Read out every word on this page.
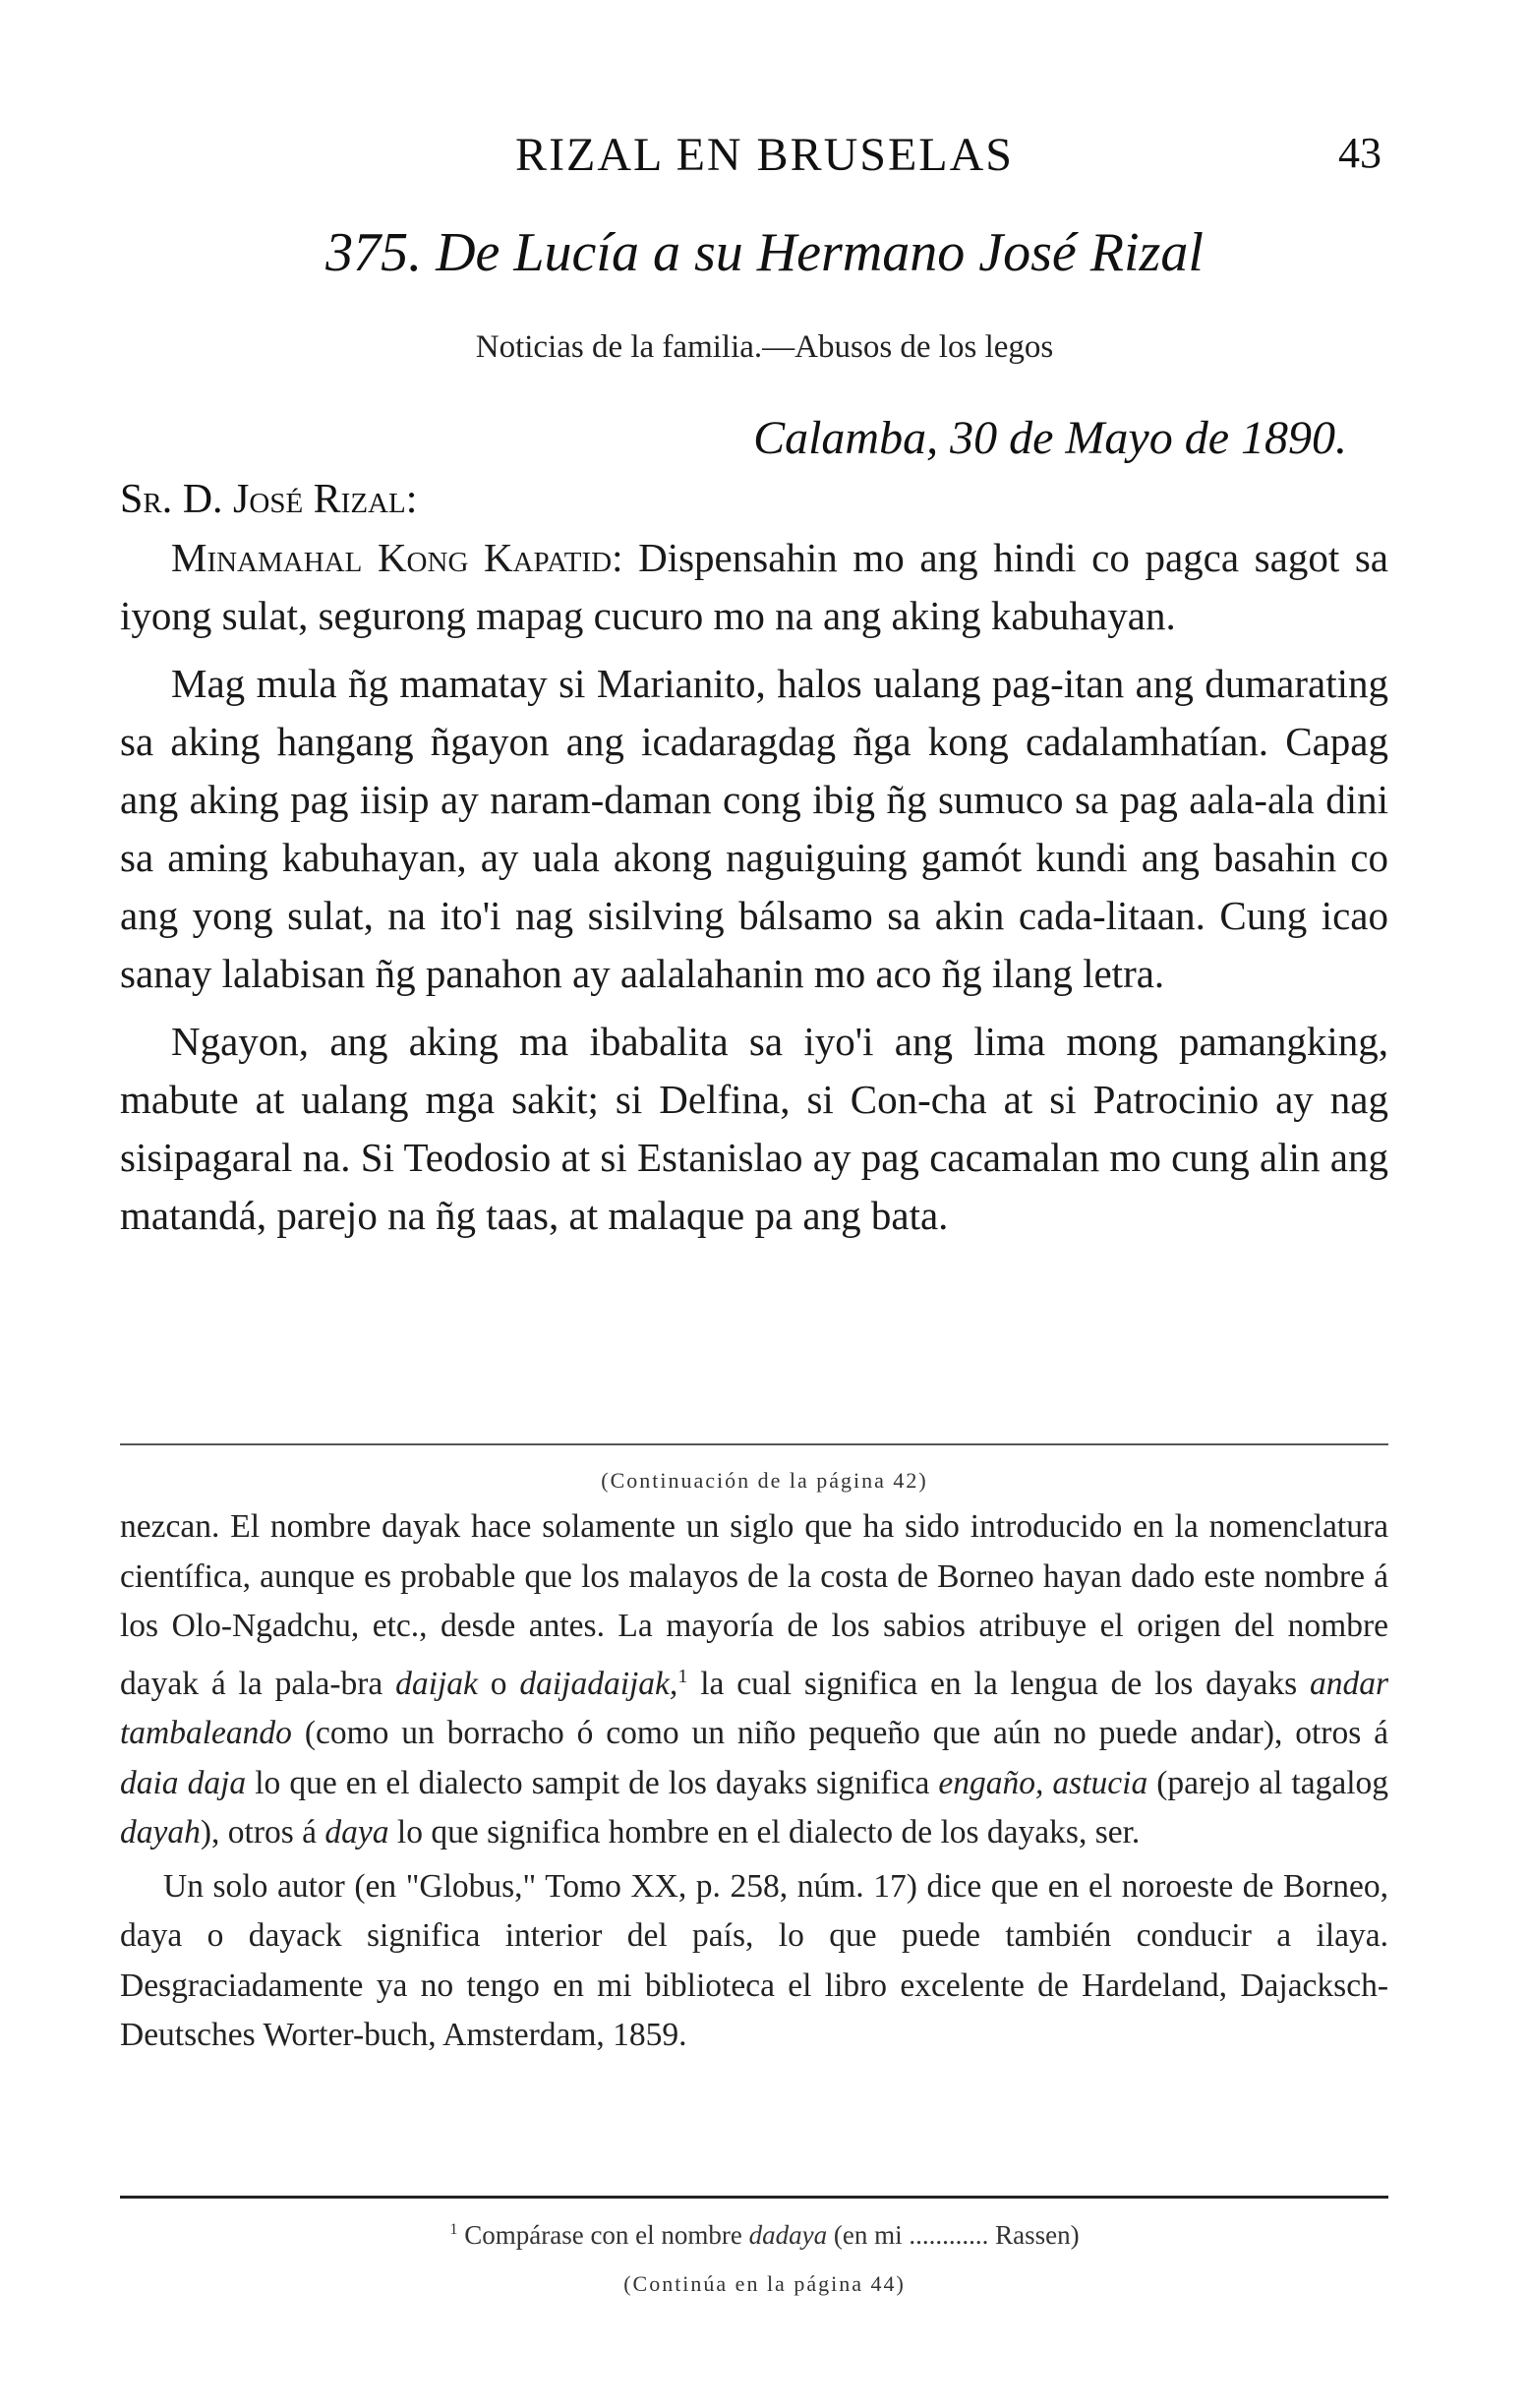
RIZAL EN BRUSELAS	43
375. De Lucía a su Hermano José Rizal
Noticias de la familia.—Abusos de los legos
Calamba, 30 de Mayo de 1890.
Sr. D. José Rizal:

Minamahal Kong Kapatid: Dispensahin mo ang hindi co pagca sagot sa iyong sulat, segurong mapag cucuro mo na ang aking kabuhayan.

Mag mula ñg mamatay si Marianito, halos ualang pag-itan ang dumarating sa aking hangang ñgayon ang icadaragdag ñga kong cadalamhatían. Capag ang aking pag iisip ay naram-daman cong ibig ñg sumuco sa pag aala-ala dini sa aming kabuhayan, ay uala akong naguiguing gamót kundi ang basahin co ang yong sulat, na ito'i nag sisilving bálsamo sa akin cada-litaan. Cung icao sanay lalabisan ñg panahon ay aalalahanin mo aco ñg ilang letra.

Ngayon, ang aking ma ibabalita sa iyo'i ang lima mong pamangking, mabute at ualang mga sakit; si Delfina, si Con-cha at si Patrocinio ay nag sisipagaral na. Si Teodosio at si Estanislao ay pag cacamalan mo cung alin ang matandá, parejo na ñg taas, at malaque pa ang bata.

(Continuación de la página 42)

nezcan. El nombre dayak hace solamente un siglo que ha sido introducido en la nomenclatura científica, aunque es probable que los malayos de la costa de Borneo hayan dado este nombre á los Olo-Ngadchu, etc., desde antes. La mayoría de los sabios atribuye el origen del nombre dayak á la pala-bra daijak o daijadaijak,$^1$ la cual significa en la lengua de los dayaks andar tambaleando (como un borracho ó como un niño pequeño que aún no puede andar), otros á daia daja lo que en el dialecto sampit de los dayaks significa engaño, astucia (parejo al tagalog dayah), otros á daya lo que significa hombre en el dialecto de los dayaks, ser.

Un solo autor (en "Globus," Tomo XX, p. 258, núm. 17) dice que en el noroeste de Borneo, daya o dayack significa interior del país, lo que puede también conducir a ilaya. Desgraciadamente ya no tengo en mi biblioteca el libro excelente de Hardeland, Dajacksch-Deutsches Worter-buch, Amsterdam, 1859.

$^1$ Compárase con el nombre dadaya (en mi ............ Rassen)
(Continúa en la página 44)
